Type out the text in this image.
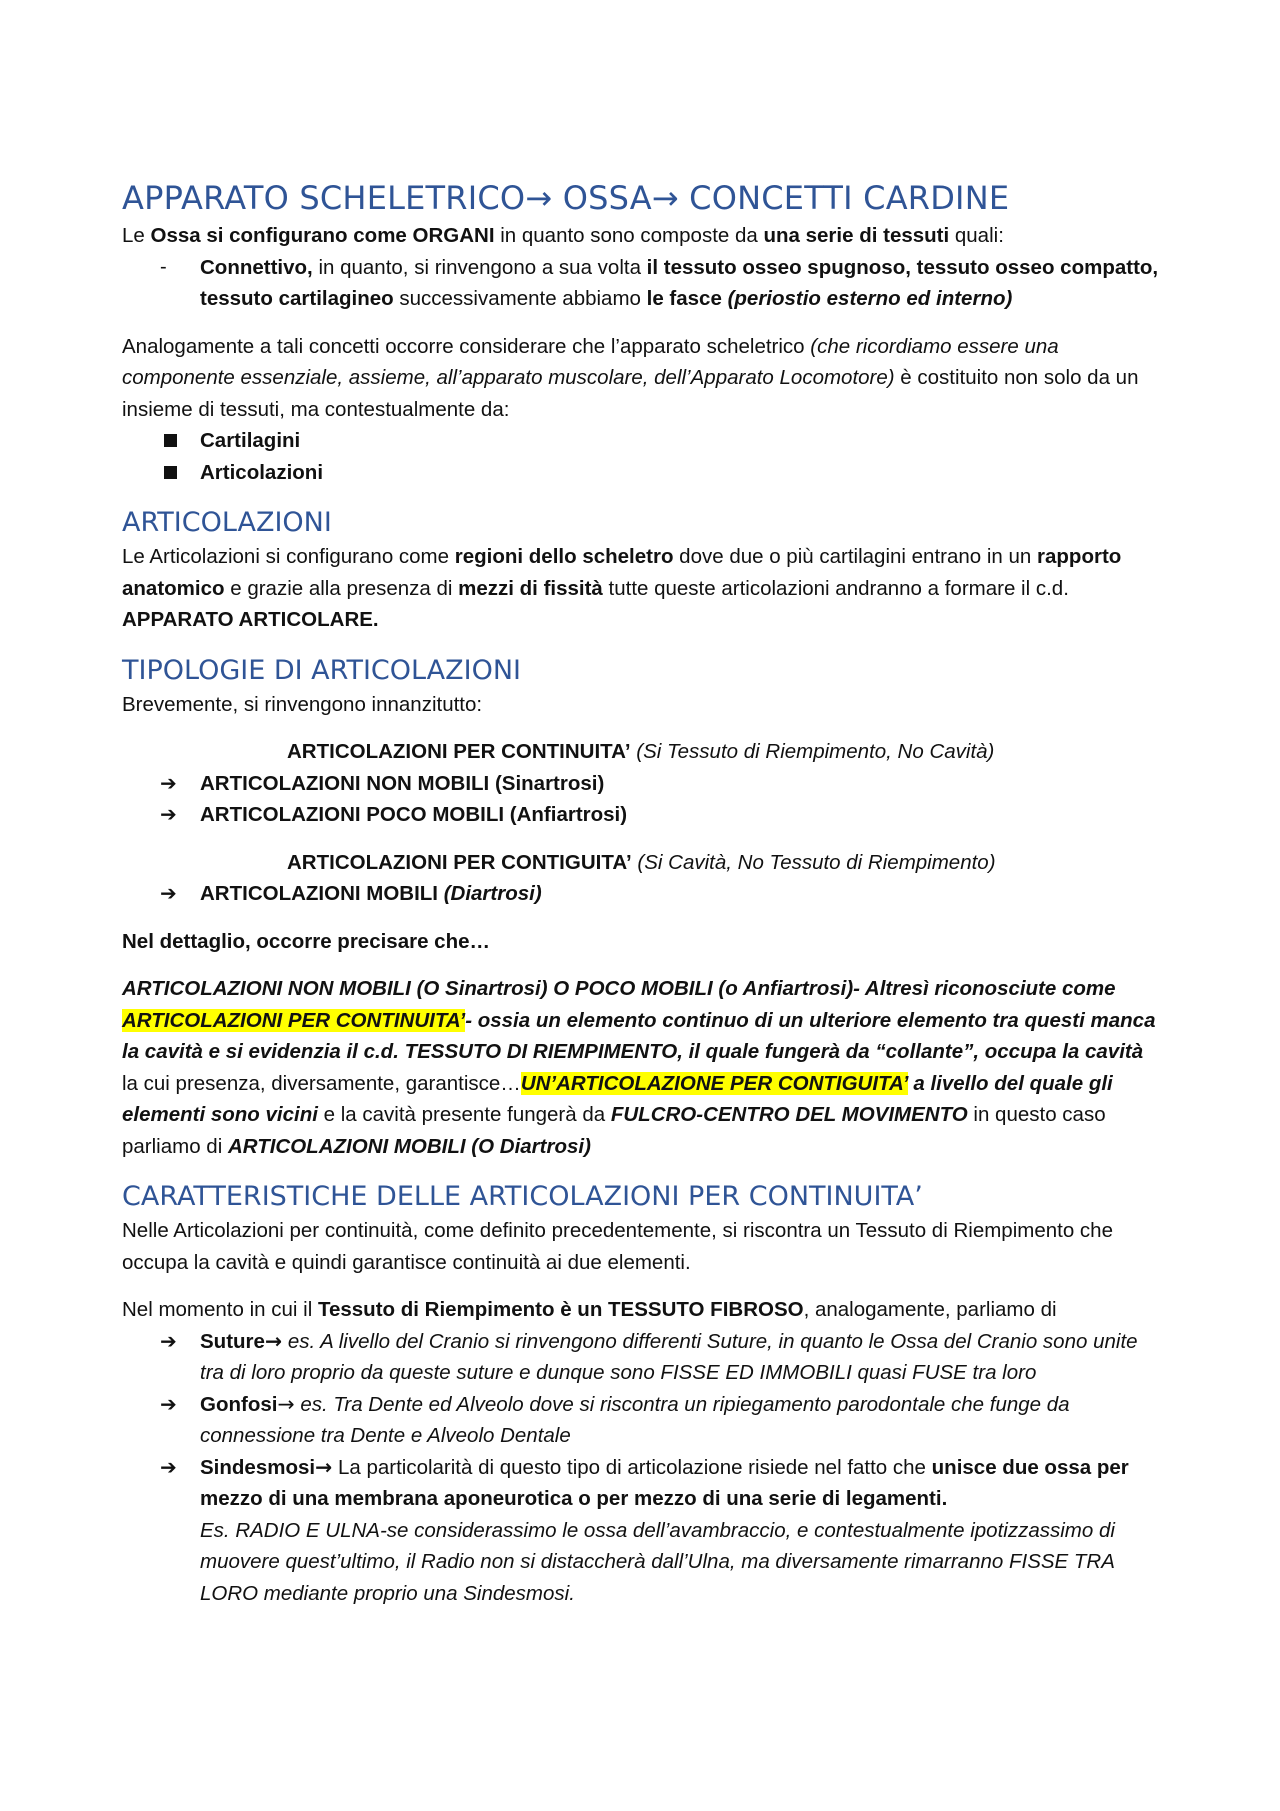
APPARATO SCHELETRICO→ OSSA→ CONCETTI CARDINE

Le Ossa si configurano come ORGANI in quanto sono composte da una serie di tessuti quali:

-	Connettivo, in quanto, si rinvengono a sua volta il tessuto osseo spugnoso, tessuto osseo compatto, tessuto cartilagineo successivamente abbiamo le fasce (periostio esterno ed interno)

Analogamente a tali concetti occorre considerare che l’apparato scheletrico (che ricordiamo essere una componente essenziale, assieme, all’apparato muscolare, dell’Apparato Locomotore) è costituito non solo da un insieme di tessuti, ma contestualmente da:

Cartilagini
Articolazioni
ARTICOLAZIONI

Le Articolazioni si configurano come regioni dello scheletro dove due o più cartilagini entrano in un rapporto anatomico e grazie alla presenza di mezzi di fissità tutte queste articolazioni andranno a formare il c.d. APPARATO ARTICOLARE.

TIPOLOGIE DI ARTICOLAZIONI

Brevemente, si rinvengono innanzitutto:

ARTICOLAZIONI PER CONTINUITA’ (Si Tessuto di Riempimento, No Cavità)

➔	ARTICOLAZIONI NON MOBILI (Sinartrosi)
➔	ARTICOLAZIONI POCO MOBILI (Anfiartrosi)

ARTICOLAZIONI PER CONTIGUITA’ (Si Cavità, No Tessuto di Riempimento)

➔	ARTICOLAZIONI MOBILI (Diartrosi)

Nel dettaglio, occorre precisare che…

ARTICOLAZIONI NON MOBILI (O Sinartrosi) O POCO MOBILI (o Anfiartrosi)- Altresì riconosciute come ARTICOLAZIONI PER CONTINUITA’- ossia un elemento continuo di un ulteriore elemento tra questi manca la cavità e si evidenzia il c.d. TESSUTO DI RIEMPIMENTO, il quale fungerà da “collante”, occupa la cavità la cui presenza, diversamente, garantisce…UN’ARTICOLAZIONE PER CONTIGUITA’ a livello del quale gli elementi sono vicini e la cavità presente fungerà da FULCRO-CENTRO DEL MOVIMENTO in questo caso parliamo di ARTICOLAZIONI MOBILI (O Diartrosi)

CARATTERISTICHE DELLE ARTICOLAZIONI PER CONTINUITA’

Nelle Articolazioni per continuità, come definito precedentemente, si riscontra un Tessuto di Riempimento che occupa la cavità e quindi garantisce continuità ai due elementi.

Nel momento in cui il Tessuto di Riempimento è un TESSUTO FIBROSO, analogamente, parliamo di

➔	Suture→ es. A livello del Cranio si rinvengono differenti Suture, in quanto le Ossa del Cranio sono unite tra di loro proprio da queste suture e dunque sono FISSE ED IMMOBILI quasi FUSE tra loro
➔	Gonfosi→ es. Tra Dente ed Alveolo dove si riscontra un ripiegamento parodontale che funge da connessione tra Dente e Alveolo Dentale
➔	Sindesmosi→ La particolarità di questo tipo di articolazione risiede nel fatto che unisce due ossa per mezzo di una membrana aponeurotica o per mezzo di una serie di legamenti.
Es. RADIO E ULNA-se considerassimo le ossa dell’avambraccio, e contestualmente ipotizzassimo di muovere quest’ultimo, il Radio non si distaccherà dall’Ulna, ma diversamente rimarranno FISSE TRA LORO mediante proprio una Sindesmosi.
